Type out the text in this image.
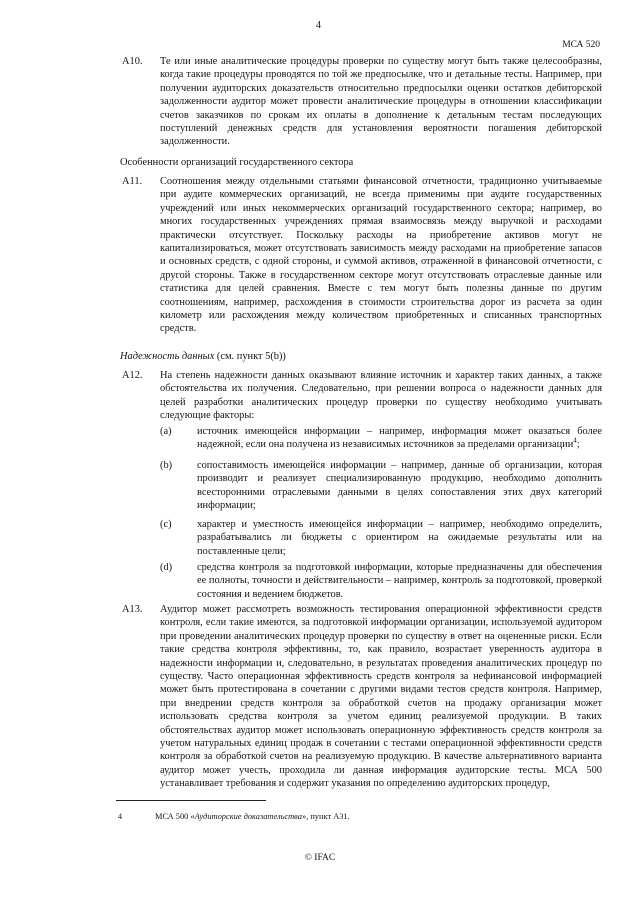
4
МСА 520
A10. Те или иные аналитические процедуры проверки по существу могут быть также целесообразны, когда такие процедуры проводятся по той же предпосылке, что и детальные тесты. Например, при получении аудиторских доказательств относительно предпосылки оценки остатков дебиторской задолженности аудитор может провести аналитические процедуры в отношении классификации счетов заказчиков по срокам их оплаты в дополнение к детальным тестам последующих поступлений денежных средств для установления вероятности погашения дебиторской задолженности.
Особенности организаций государственного сектора
A11. Соотношения между отдельными статьями финансовой отчетности, традиционно учитываемые при аудите коммерческих организаций, не всегда применимы при аудите государственных учреждений или иных некоммерческих организаций государственного сектора; например, во многих государственных учреждениях прямая взаимосвязь между выручкой и расходами практически отсутствует. Поскольку расходы на приобретение активов могут не капитализироваться, может отсутствовать зависимость между расходами на приобретение запасов и основных средств, с одной стороны, и суммой активов, отраженной в финансовой отчетности, с другой стороны. Также в государственном секторе могут отсутствовать отраслевые данные или статистика для целей сравнения. Вместе с тем могут быть полезны данные по другим соотношениям, например, расхождения в стоимости строительства дорог из расчета за один километр или расхождения между количеством приобретенных и списанных транспортных средств.
Надежность данных (см. пункт 5(b))
A12. На степень надежности данных оказывают влияние источник и характер таких данных, а также обстоятельства их получения. Следовательно, при решении вопроса о надежности данных для целей разработки аналитических процедур проверки по существу необходимо учитывать следующие факторы:
(a) источник имеющейся информации – например, информация может оказаться более надежной, если она получена из независимых источников за пределами организации$^4$;
(b) сопоставимость имеющейся информации – например, данные об организации, которая производит и реализует специализированную продукцию, необходимо дополнить всесторонними отраслевыми данными в целях сопоставления этих двух категорий информации;
(c) характер и уместность имеющейся информации – например, необходимо определить, разрабатывались ли бюджеты с ориентиром на ожидаемые результаты или на поставленные цели;
(d) средства контроля за подготовкой информации, которые предназначены для обеспечения ее полноты, точности и действительности – например, контроль за подготовкой, проверкой состояния и ведением бюджетов.
A13. Аудитор может рассмотреть возможность тестирования операционной эффективности средств контроля, если такие имеются, за подготовкой информации организации, используемой аудитором при проведении аналитических процедур проверки по существу в ответ на оцененные риски. Если такие средства контроля эффективны, то, как правило, возрастает уверенность аудитора в надежности информации и, следовательно, в результатах проведения аналитических процедур по существу. Часто операционная эффективность средств контроля за нефинансовой информацией может быть протестирована в сочетании с другими видами тестов средств контроля. Например, при внедрении средств контроля за обработкой счетов на продажу организация может использовать средства контроля за учетом единиц реализуемой продукции. В таких обстоятельствах аудитор может использовать операционную эффективность средств контроля за учетом натуральных единиц продаж в сочетании с тестами операционной эффективности средств контроля за обработкой счетов на реализуемую продукцию. В качестве альтернативного варианта аудитор может учесть, проходила ли данная информация аудиторские тесты. МСА 500 устанавливает требования и содержит указания по определению аудиторских процедур,
4	МСА 500 «Аудиторские доказательства», пункт A31.
© IFAC
